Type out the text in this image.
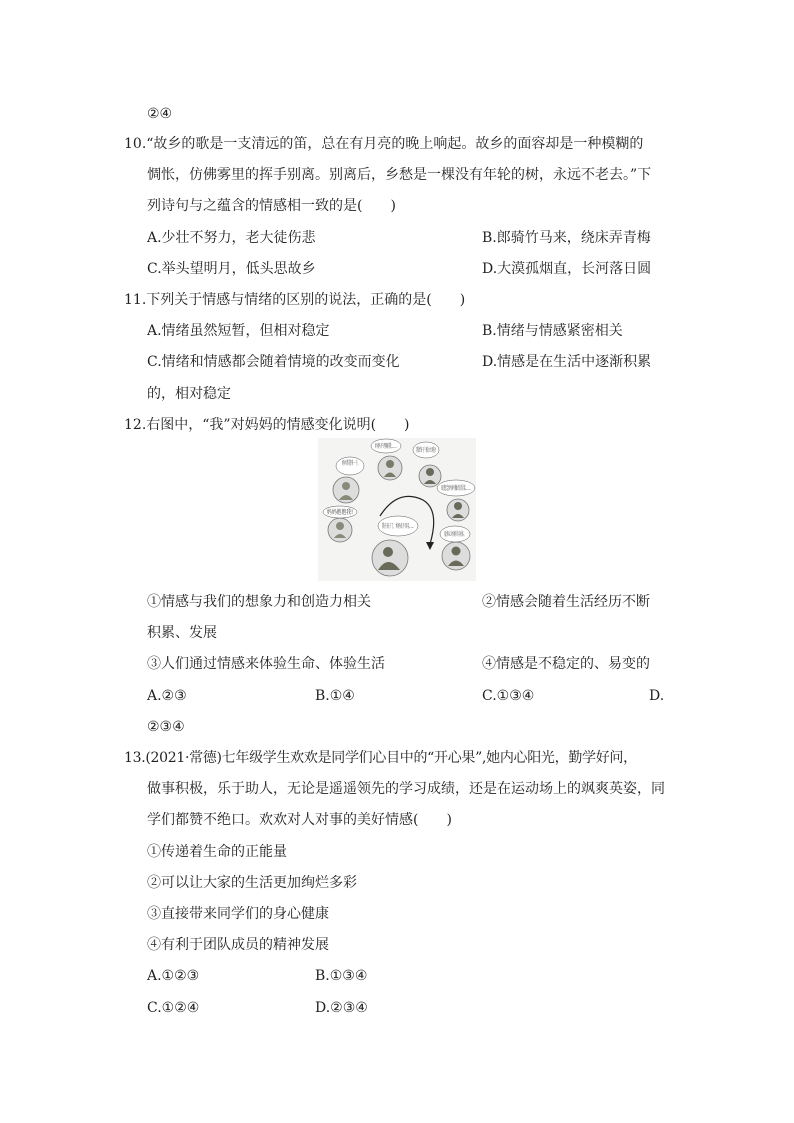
②④
10.“故乡的歌是一支清远的笛，总在有月亮的晚上响起。故乡的面容却是一种模糊的
惆怅，仿佛雾里的挥手别离。别离后，乡愁是一棵没有年轮的树，永远不老去。”下
列诗句与之蕴含的情感相一致的是(　　)
A.少壮不努力，老大徒伤悲	B.郎骑竹马来，绕床弄青梅
C.举头望明月，低头思故乡	D.大漠孤烟直，长河落日圆
11.下列关于情感与情绪的区别的说法，正确的是(　　)
A.情绪虽然短暂，但相对稳定	B.情绪与情感紧密相关
C.情绪和情感都会随着情境的改变而变化	D.情感是在生活中逐渐积累
的，相对稳定
12.右图中，“我”对妈妈的情感变化说明(　　)
我终于独立啦!
妈妈抱抱我!
①情感与我们的想象力和创造力相关	②情感会随着生活经历不断
积累、发展
③人们通过情感来体验生命、体验生活	④情感是不稳定的、易变的
A.②③	B.①④	C.①③④	D.
②③④
13.(2021·常德)七年级学生欢欢是同学们心目中的“开心果”,她内心阳光，勤学好问，
做事积极，乐于助人，无论是遥遥领先的学习成绩，还是在运动场上的飒爽英姿，同
学们都赞不绝口。欢欢对人对事的美好情感(　　)
①传递着生命的正能量
②可以让大家的生活更加绚烂多彩
③直接带来同学们的身心健康
④有利于团队成员的精神发展
A.①②③	B.①③④
C.①②④	D.②③④
